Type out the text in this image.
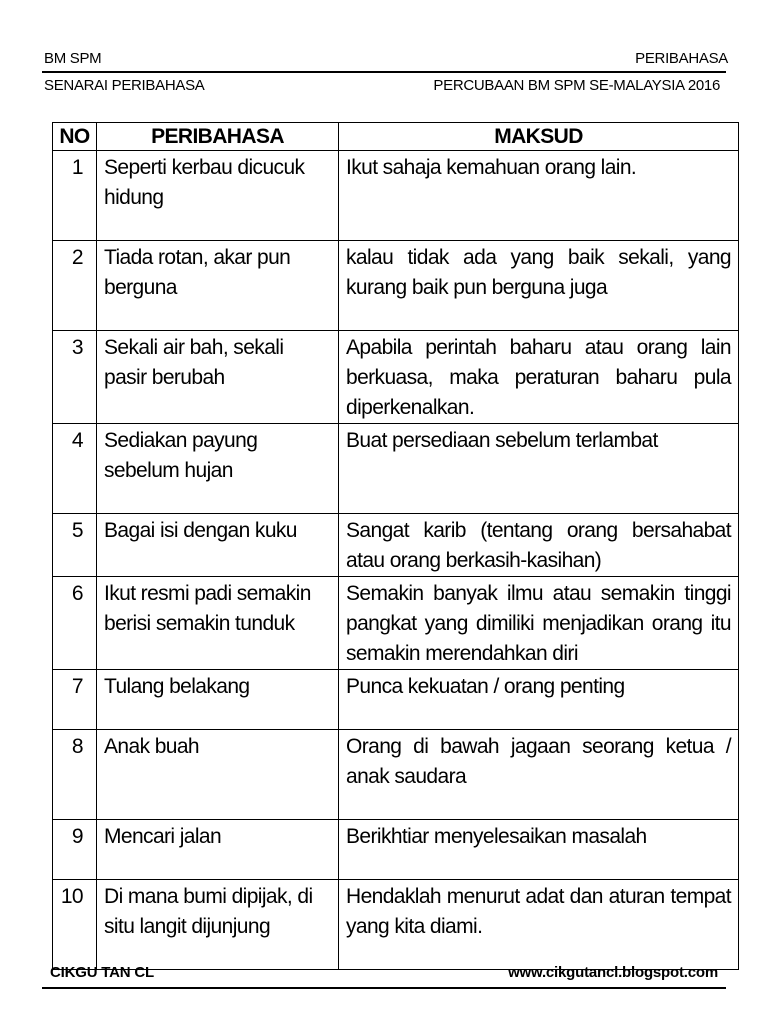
BM SPM	PERIBAHASA
SENARAI PERIBAHASA	PERCUBAAN BM SPM SE-MALAYSIA 2016
NO	PERIBAHASA	MAKSUD
1	Seperti kerbau dicucuk hidung	Ikut sahaja kemahuan orang lain.
2	Tiada rotan, akar pun berguna	kalau tidak ada yang baik sekali, yang kurang baik pun berguna juga
3	Sekali air bah, sekali pasir berubah	Apabila perintah baharu atau orang lain berkuasa, maka peraturan baharu pula diperkenalkan.
4	Sediakan payung sebelum hujan	Buat persediaan sebelum terlambat
5	Bagai isi dengan kuku	Sangat karib (tentang orang bersahabat atau orang berkasih-kasihan)
6	Ikut resmi padi semakin berisi semakin tunduk	Semakin banyak ilmu atau semakin tinggi pangkat yang dimiliki menjadikan orang itu semakin merendahkan diri
7	Tulang belakang	Punca kekuatan / orang penting
8	Anak buah	Orang di bawah jagaan seorang ketua / anak saudara
9	Mencari jalan	Berikhtiar menyelesaikan masalah
10	Di mana bumi dipijak, di situ langit dijunjung	Hendaklah menurut adat dan aturan tempat yang kita diami.
CIKGU TAN CL	www.cikgutancl.blogspot.com
